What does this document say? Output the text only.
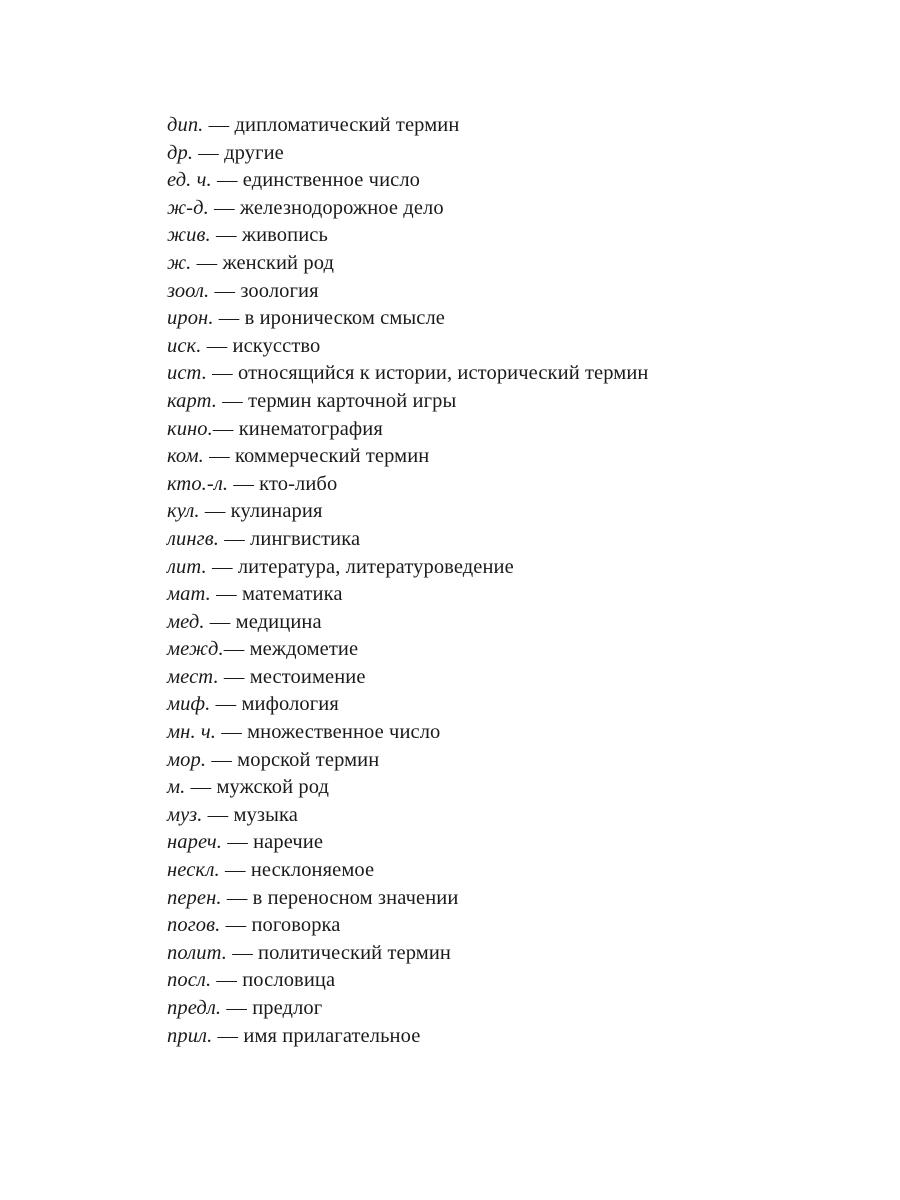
дип. — дипломатический термин
др. — другие
ед. ч. — единственное число
ж-д. — железнодорожное дело
жив. — живопись
ж. — женский род
зоол. — зоология
ирон. — в ироническом смысле
иск. — искусство
ист. — относящийся к истории, исторический термин
карт. — термин карточной игры
кино.— кинематография
ком. — коммерческий термин
кто.-л. — кто-либо
кул. — кулинария
лингв. — лингвистика
лит. — литература, литературоведение
мат. — математика
мед. — медицина
межд.— междометие
мест. — местоимение
миф. — мифология
мн. ч. — множественное число
мор. — морской термин
м. — мужской род
муз. — музыка
нареч. — наречие
нескл. — несклоняемое
перен. — в переносном значении
погов. — поговорка
полит. — политический термин
посл. — пословица
предл. — предлог
прил. — имя прилагательное
